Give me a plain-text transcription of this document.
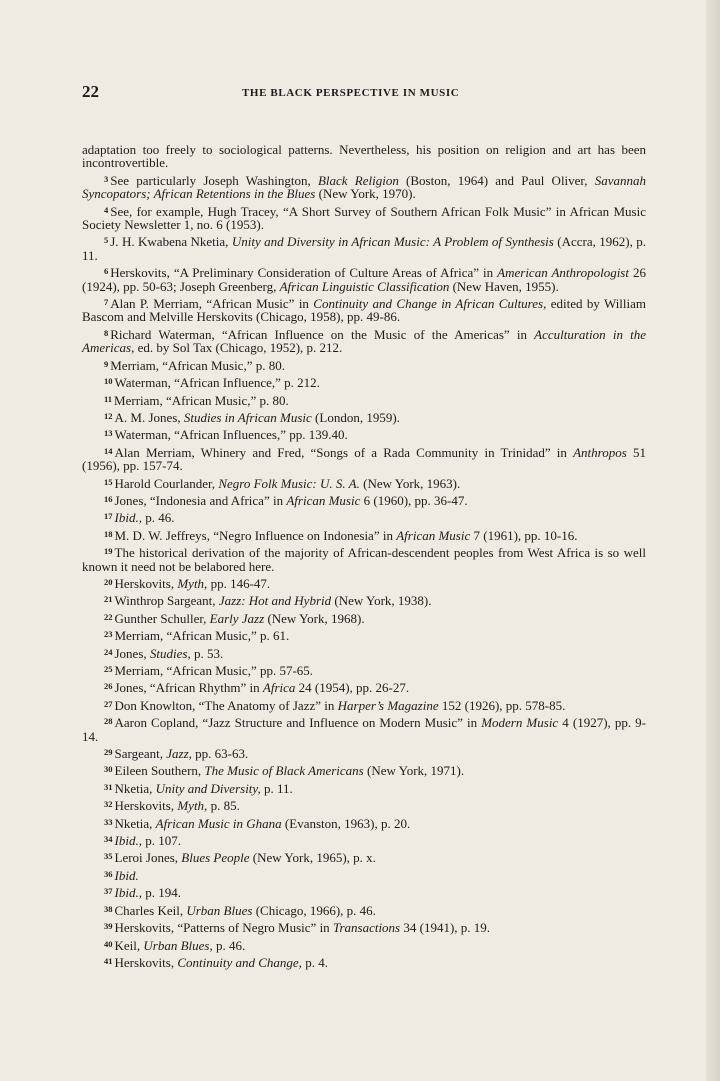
22	THE BLACK PERSPECTIVE IN MUSIC

adaptation too freely to sociological patterns. Nevertheless, his position on religion and art has been incontrovertible.

$^3$ See particularly Joseph Washington, Black Religion (Boston, 1964) and Paul Oliver, Savannah Syncopators; African Retentions in the Blues (New York, 1970).

$^4$ See, for example, Hugh Tracey, “A Short Survey of Southern African Folk Music” in African Music Society Newsletter 1, no. 6 (1953).

$^5$ J. H. Kwabena Nketia, Unity and Diversity in African Music: A Problem of Synthesis (Accra, 1962), p. 11.

$^6$ Herskovits, “A Preliminary Consideration of Culture Areas of Africa” in American Anthropologist 26 (1924), pp. 50-63; Joseph Greenberg, African Linguistic Classification (New Haven, 1955).

$^7$ Alan P. Merriam, “African Music” in Continuity and Change in African Cultures, edited by William Bascom and Melville Herskovits (Chicago, 1958), pp. 49-86.

$^8$ Richard Waterman, “African Influence on the Music of the Americas” in Acculturation in the Americas, ed. by Sol Tax (Chicago, 1952), p. 212.

$^9$ Merriam, “African Music,” p. 80.

$^{10}$ Waterman, “African Influence,” p. 212.

$^{11}$ Merriam, “African Music,” p. 80.

$^{12}$ A. M. Jones, Studies in African Music (London, 1959).

$^{13}$ Waterman, “African Influences,” pp. 139.40.

$^{14}$ Alan Merriam, Whinery and Fred, “Songs of a Rada Community in Trinidad” in Anthropos 51 (1956), pp. 157-74.

$^{15}$ Harold Courlander, Negro Folk Music: U. S. A. (New York, 1963).

$^{16}$ Jones, “Indonesia and Africa” in African Music 6 (1960), pp. 36-47.

$^{17}$ Ibid., p. 46.

$^{18}$ M. D. W. Jeffreys, “Negro Influence on Indonesia” in African Music 7 (1961), pp. 10-16.

$^{19}$ The historical derivation of the majority of African-descendent peoples from West Africa is so well known it need not be belabored here.

$^{20}$ Herskovits, Myth, pp. 146-47.

$^{21}$ Winthrop Sargeant, Jazz: Hot and Hybrid (New York, 1938).

$^{22}$ Gunther Schuller, Early Jazz (New York, 1968).

$^{23}$ Merriam, “African Music,” p. 61.

$^{24}$ Jones, Studies, p. 53.

$^{25}$ Merriam, “African Music,” pp. 57-65.

$^{26}$ Jones, “African Rhythm” in Africa 24 (1954), pp. 26-27.

$^{27}$ Don Knowlton, “The Anatomy of Jazz” in Harper’s Magazine 152 (1926), pp. 578-85.

$^{28}$ Aaron Copland, “Jazz Structure and Influence on Modern Music” in Modern Music 4 (1927), pp. 9-14.

$^{29}$ Sargeant, Jazz, pp. 63-63.

$^{30}$ Eileen Southern, The Music of Black Americans (New York, 1971).

$^{31}$ Nketia, Unity and Diversity, p. 11.

$^{32}$ Herskovits, Myth, p. 85.

$^{33}$ Nketia, African Music in Ghana (Evanston, 1963), p. 20.

$^{34}$ Ibid., p. 107.

$^{35}$ Leroi Jones, Blues People (New York, 1965), p. x.

$^{36}$ Ibid.

$^{37}$ Ibid., p. 194.

$^{38}$ Charles Keil, Urban Blues (Chicago, 1966), p. 46.

$^{39}$ Herskovits, “Patterns of Negro Music” in Transactions 34 (1941), p. 19.

$^{40}$ Keil, Urban Blues, p. 46.

$^{41}$ Herskovits, Continuity and Change, p. 4.
